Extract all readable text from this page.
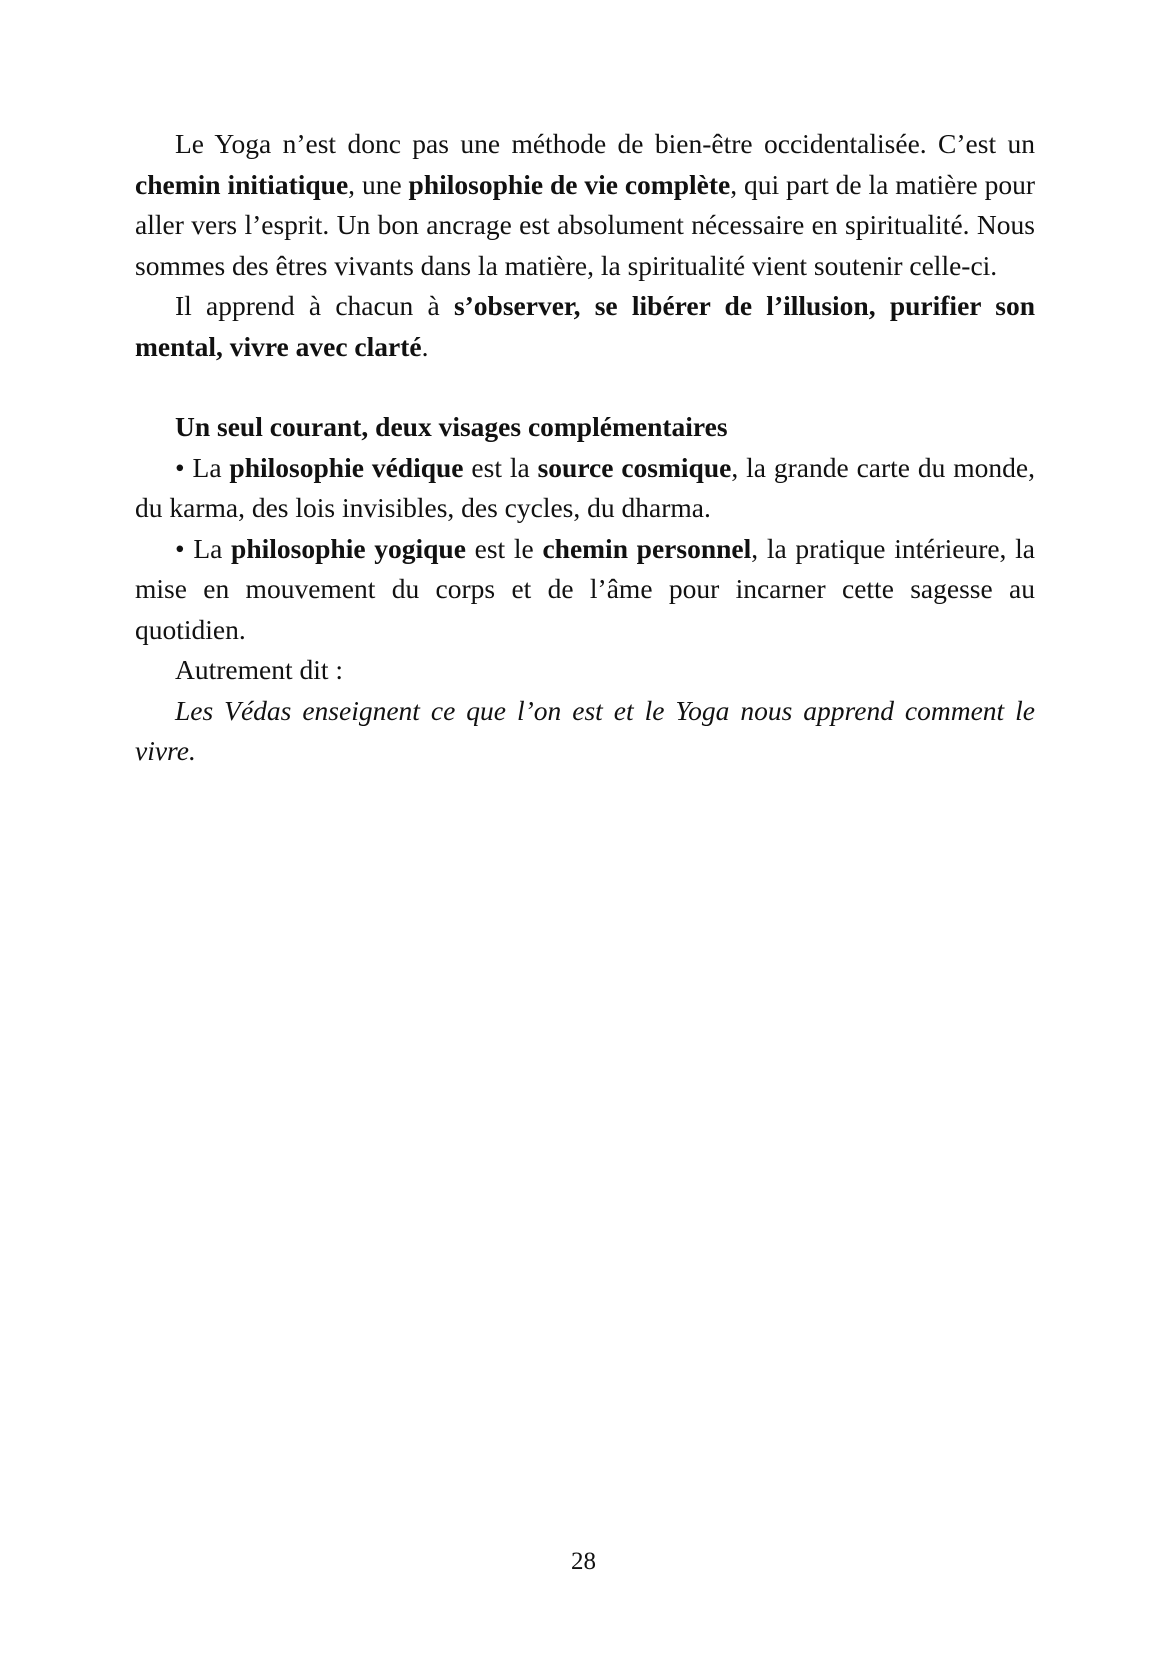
Le Yoga n’est donc pas une méthode de bien-être occidentalisée. C’est un chemin initiatique, une philosophie de vie complète, qui part de la matière pour aller vers l’esprit. Un bon ancrage est absolument nécessaire en spiritualité. Nous sommes des êtres vivants dans la matière, la spiritualité vient soutenir celle-ci.

Il apprend à chacun à s’observer, se libérer de l’illusion, purifier son mental, vivre avec clarté.

Un seul courant, deux visages complémentaires

• La philosophie védique est la source cosmique, la grande carte du monde, du karma, des lois invisibles, des cycles, du dharma.

• La philosophie yogique est le chemin personnel, la pratique intérieure, la mise en mouvement du corps et de l’âme pour incarner cette sagesse au quotidien.

Autrement dit :

Les Védas enseignent ce que l’on est et le Yoga nous apprend comment le vivre.

28
